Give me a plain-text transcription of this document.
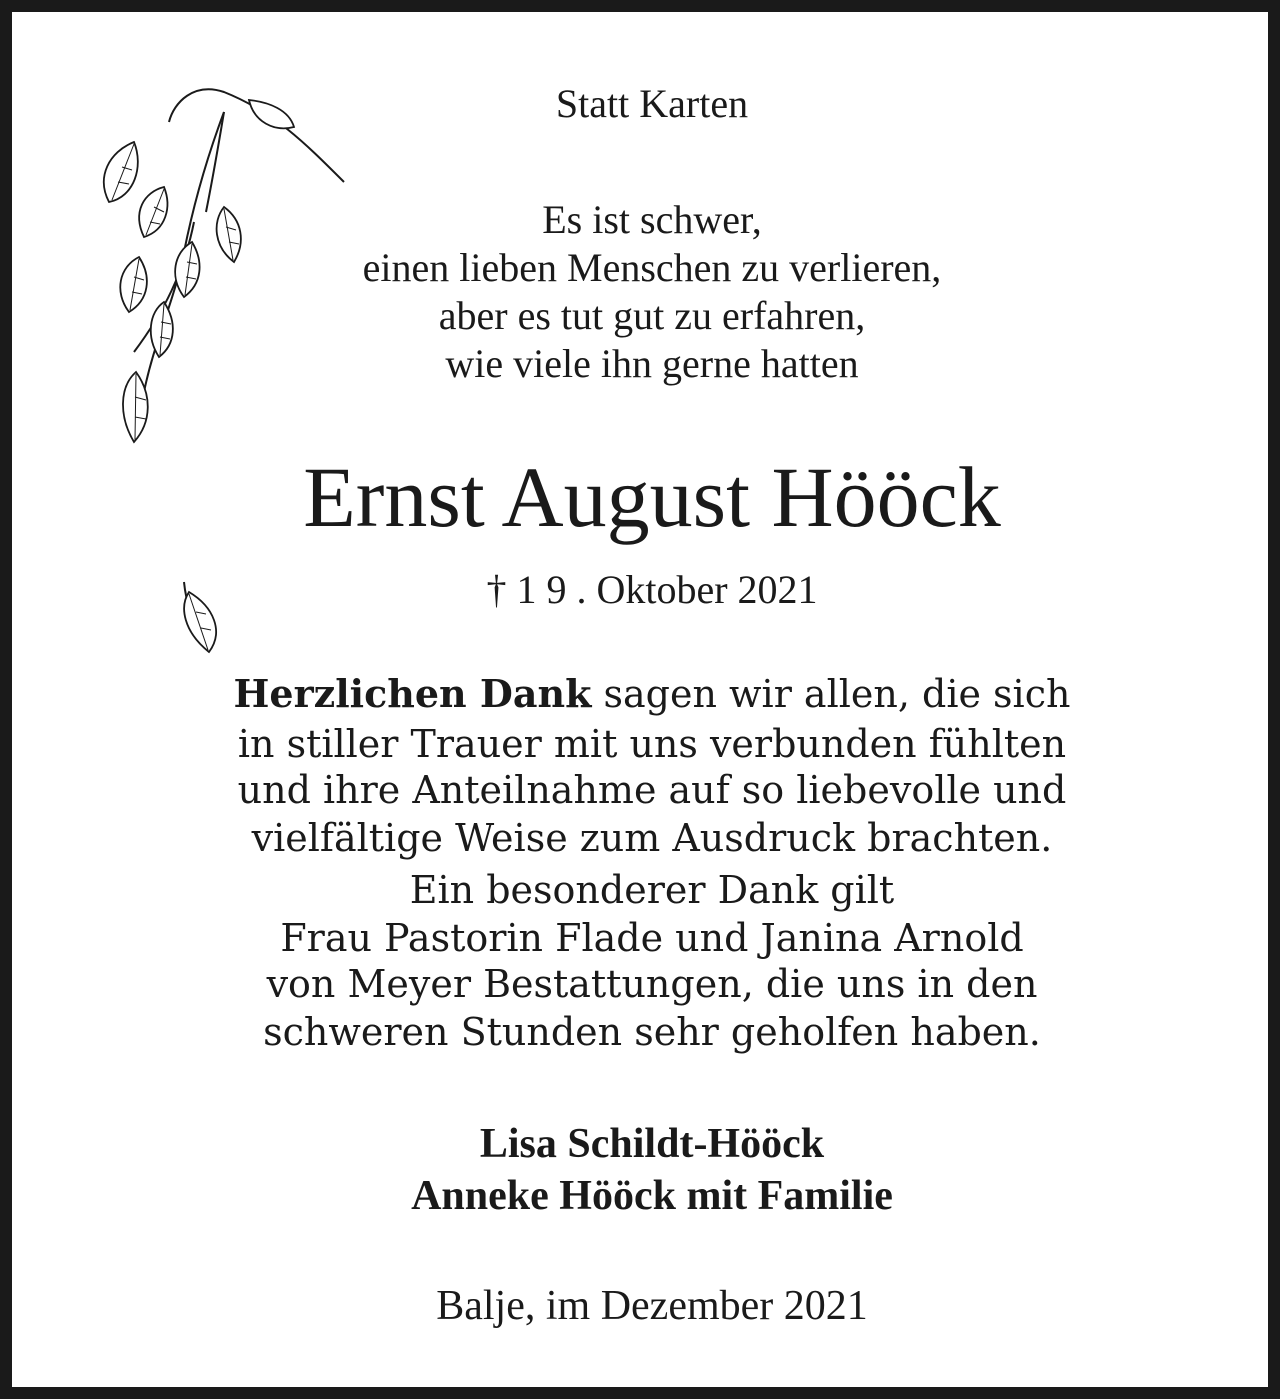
Statt Karten

Es ist schwer,

einen lieben Menschen zu verlieren,

aber es tut gut zu erfahren,

wie viele ihn gerne hatten

Ernst August Hööck

† 1 9 . Oktober 2021

Herzlichen Dank sagen wir allen, die sich

in stiller Trauer mit uns verbunden fühlten

und ihre Anteilnahme auf so liebevolle und

vielfältige Weise zum Ausdruck brachten.

Ein besonderer Dank gilt

Frau Pastorin Flade und Janina Arnold

von Meyer Bestattungen, die uns in den

schweren Stunden sehr geholfen haben.

Lisa Schildt-Hööck

Anneke Hööck mit Familie

Balje, im Dezember 2021
